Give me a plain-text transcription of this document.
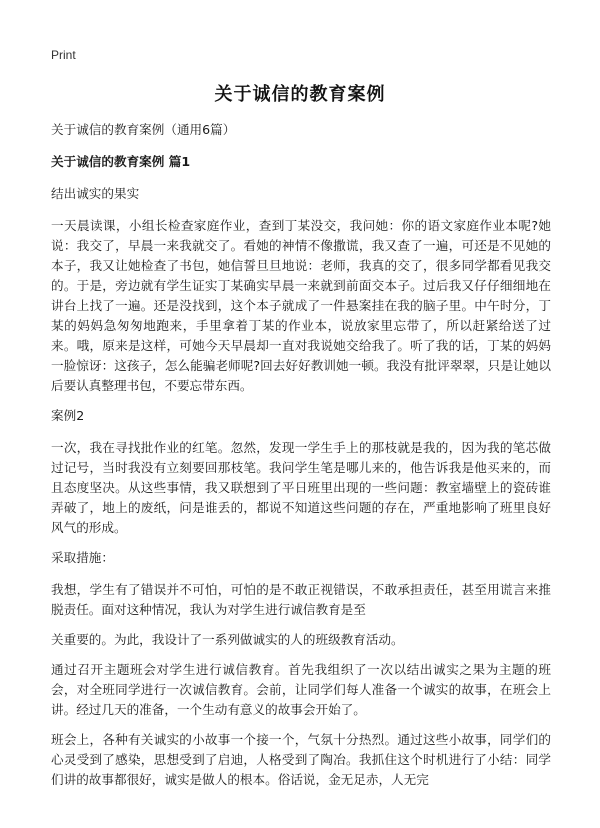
Print
关于诚信的教育案例

关于诚信的教育案例（通用6篇）

关于诚信的教育案例 篇1

结出诚实的果实

一天晨读课，小组长检查家庭作业，查到丁某没交，我问她：你的语文家庭作业本呢?她说：我交了，早晨一来我就交了。看她的神情不像撒谎，我又查了一遍，可还是不见她的本子，我又让她检查了书包，她信誓旦旦地说：老师，我真的交了，很多同学都看见我交的。于是，旁边就有学生证实丁某确实早晨一来就到前面交本子。过后我又仔仔细细地在讲台上找了一遍。还是没找到，这个本子就成了一件悬案挂在我的脑子里。中午时分，丁某的妈妈急匆匆地跑来，手里拿着丁某的作业本，说放家里忘带了，所以赶紧给送了过来。哦，原来是这样，可她今天早晨却一直对我说她交给我了。听了我的话，丁某的妈妈一脸惊讶：这孩子，怎么能骗老师呢?回去好好教训她一顿。我没有批评翠翠，只是让她以后要认真整理书包，不要忘带东西。

案例2

一次，我在寻找批作业的红笔。忽然，发现一学生手上的那枝就是我的，因为我的笔芯做过记号，当时我没有立刻要回那枝笔。我问学生笔是哪儿来的，他告诉我是他买来的，而且态度坚决。从这些事情，我又联想到了平日班里出现的一些问题：教室墙壁上的瓷砖谁弄破了，地上的废纸，问是谁丢的，都说不知道这些问题的存在，严重地影响了班里良好风气的形成。

采取措施：

我想，学生有了错误并不可怕，可怕的是不敢正视错误，不敢承担责任，甚至用谎言来推脱责任。面对这种情况，我认为对学生进行诚信教育是至

关重要的。为此，我设计了一系列做诚实的人的班级教育活动。

通过召开主题班会对学生进行诚信教育。首先我组织了一次以结出诚实之果为主题的班会，对全班同学进行一次诚信教育。会前，让同学们每人准备一个诚实的故事，在班会上讲。经过几天的准备，一个生动有意义的故事会开始了。

班会上，各种有关诚实的小故事一个接一个，气氛十分热烈。通过这些小故事，同学们的心灵受到了感染，思想受到了启迪，人格受到了陶冶。我抓住这个时机进行了小结：同学们讲的故事都很好，诚实是做人的根本。俗话说，金无足赤，人无完
